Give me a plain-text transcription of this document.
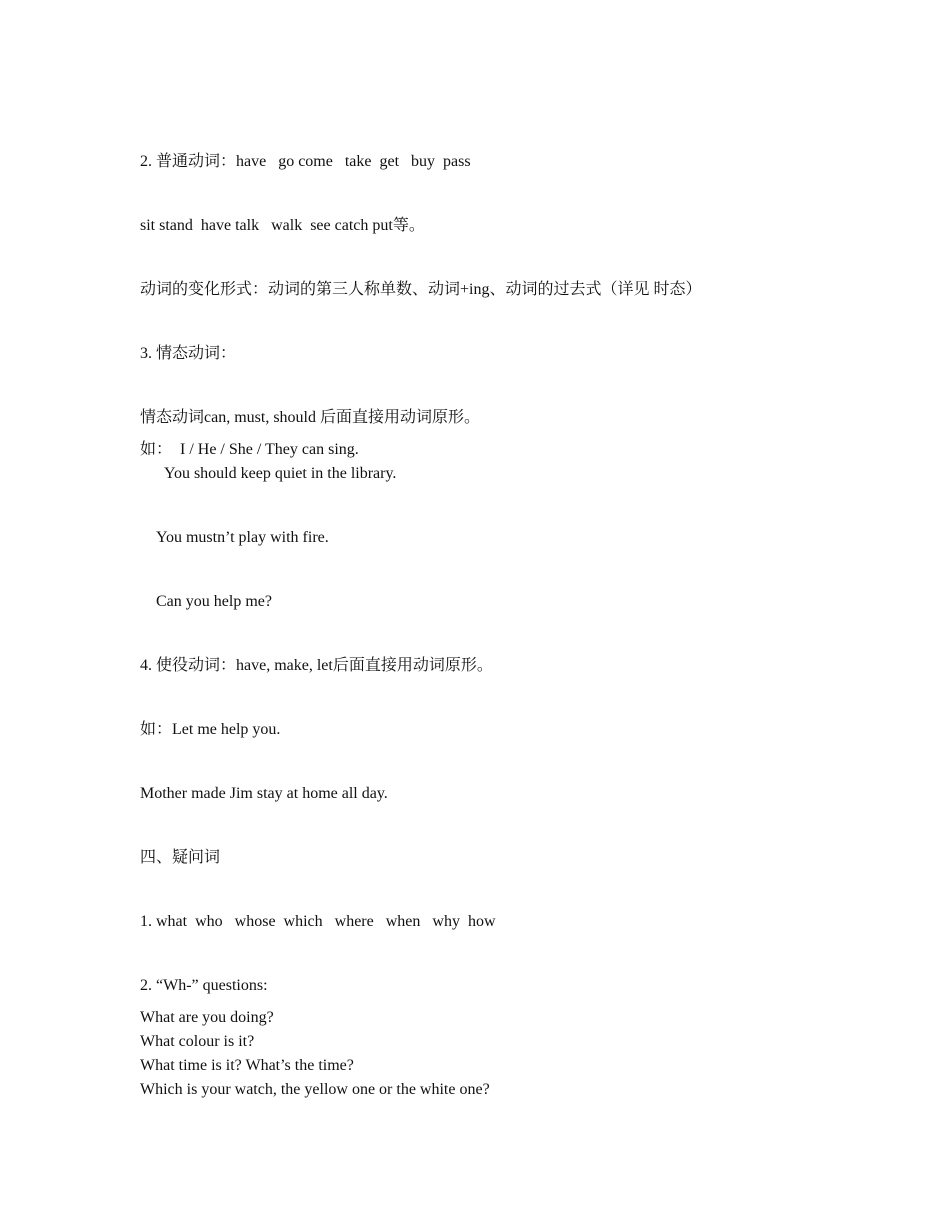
2. 普通动词：have   go come   take  get   buy  pass
sit stand  have talk   walk  see catch put等。
动词的变化形式：动词的第三人称单数、动词+ing、动词的过去式（详见 时态）
3. 情态动词：
情态动词can, must, should 后面直接用动词原形。
如：  I / He / She / They can sing.
You should keep quiet in the library.
You mustn’t play with fire.
Can you help me?
4. 使役动词：have, make, let后面直接用动词原形。
如：Let me help you.
Mother made Jim stay at home all day.
四、疑问词
1. what  who   whose  which   where   when   why  how
2. “Wh-” questions:
What are you doing?
What colour is it?
What time is it? What’s the time?
Which is your watch, the yellow one or the white one?
